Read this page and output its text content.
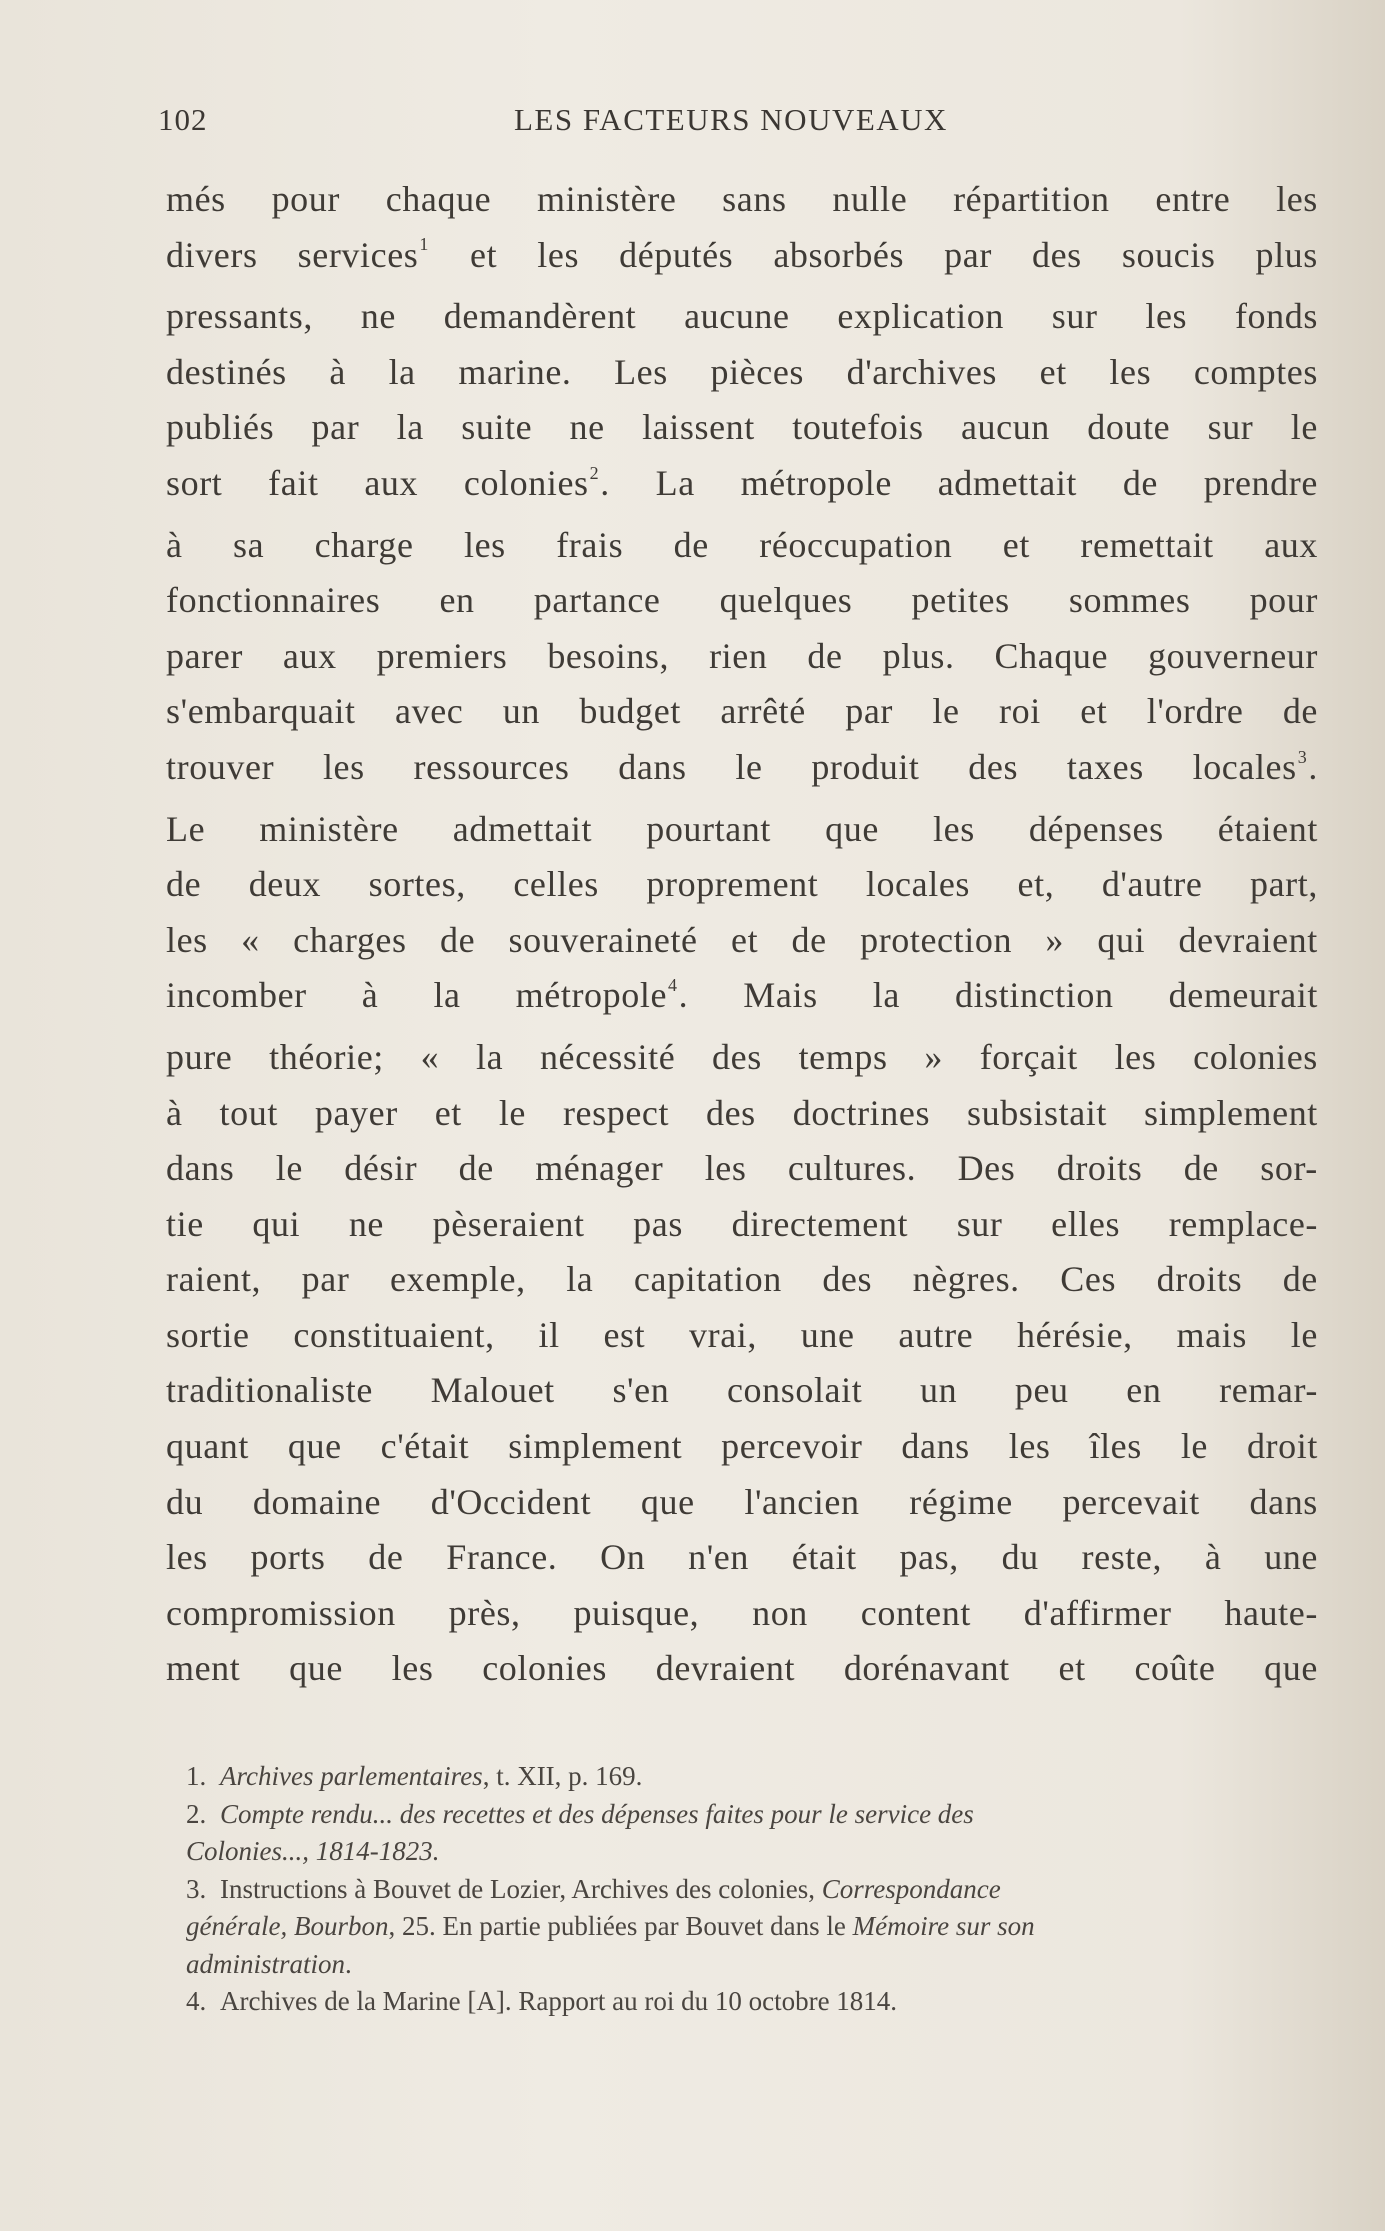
102	LES FACTEURS NOUVEAUX
més pour chaque ministère sans nulle répartition entre les
divers services$^1$ et les députés absorbés par des soucis plus
pressants, ne demandèrent aucune explication sur les fonds
destinés à la marine. Les pièces d'archives et les comptes
publiés par la suite ne laissent toutefois aucun doute sur le
sort fait aux colonies$^2$. La métropole admettait de prendre
à sa charge les frais de réoccupation et remettait aux
fonctionnaires en partance quelques petites sommes pour
parer aux premiers besoins, rien de plus. Chaque gouverneur
s'embarquait avec un budget arrêté par le roi et l'ordre de
trouver les ressources dans le produit des taxes locales$^3$.
Le ministère admettait pourtant que les dépenses étaient
de deux sortes, celles proprement locales et, d'autre part,
les « charges de souveraineté et de protection » qui devraient
incomber à la métropole$^4$. Mais la distinction demeurait
pure théorie; « la nécessité des temps » forçait les colonies
à tout payer et le respect des doctrines subsistait simplement
dans le désir de ménager les cultures. Des droits de sor-
tie qui ne pèseraient pas directement sur elles remplace-
raient, par exemple, la capitation des nègres. Ces droits de
sortie constituaient, il est vrai, une autre hérésie, mais le
traditionaliste Malouet s'en consolait un peu en remar-
quant que c'était simplement percevoir dans les îles le droit
du domaine d'Occident que l'ancien régime percevait dans
les ports de France. On n'en était pas, du reste, à une
compromission près, puisque, non content d'affirmer haute-
ment que les colonies devraient dorénavant et coûte que
1. Archives parlementaires, t. XII, p. 169.
2. Compte rendu... des recettes et des dépenses faites pour le service des
Colonies..., 1814-1823.
3. Instructions à Bouvet de Lozier, Archives des colonies, Correspondance
générale, Bourbon, 25. En partie publiées par Bouvet dans le Mémoire sur son
administration.
4. Archives de la Marine [A]. Rapport au roi du 10 octobre 1814.
